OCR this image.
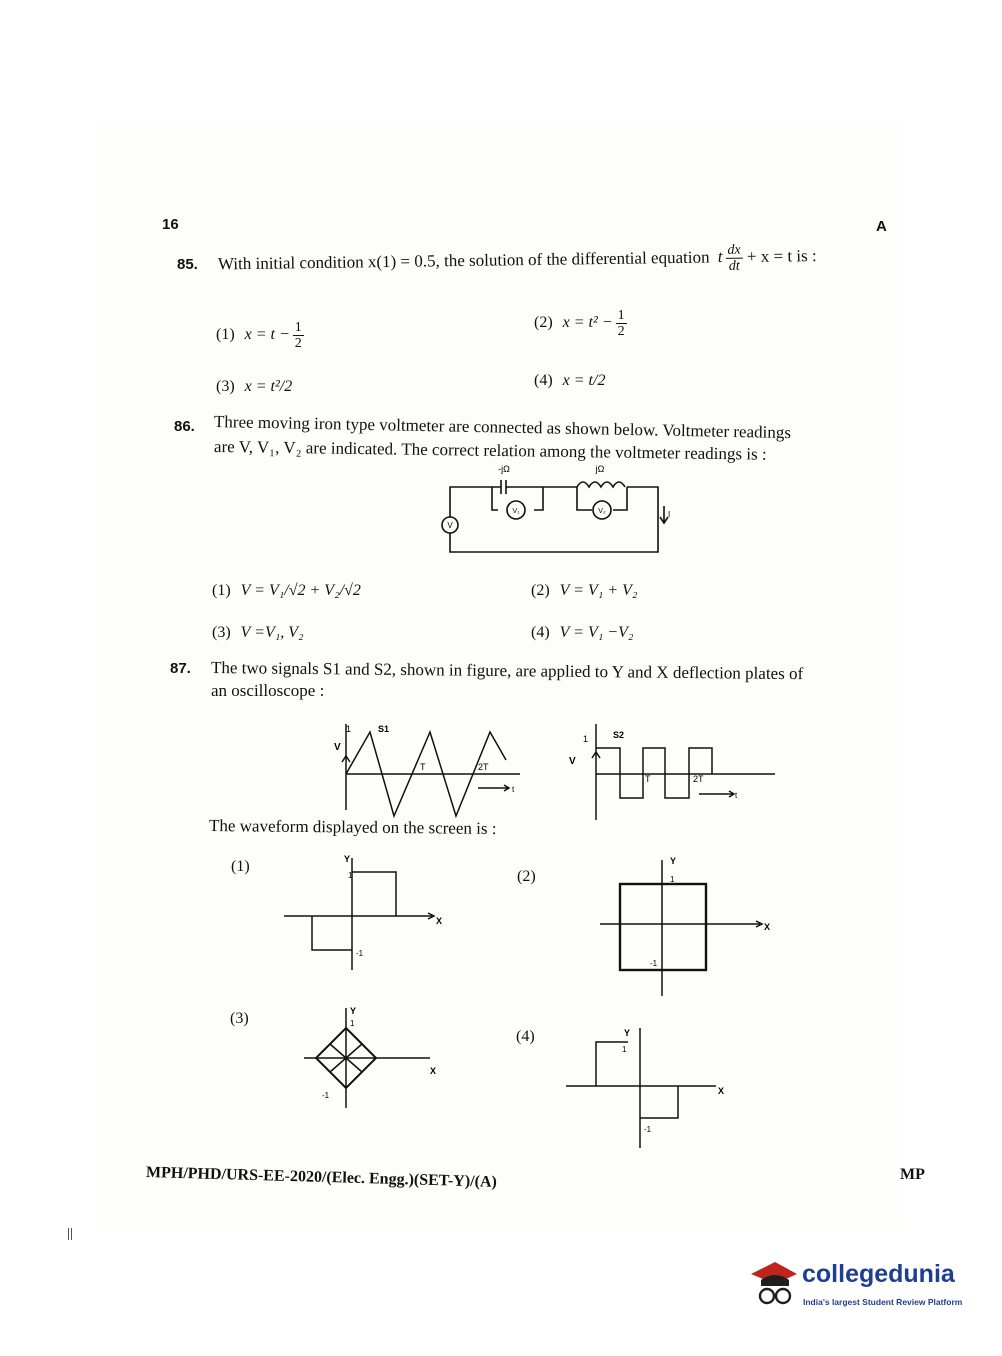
16	A
85. With initial condition x(1) = 0.5, the solution of the differential equation t $\frac{dx}{dt} + x = t$ is :
(1) $x = t - \frac{1}{2}$	(2) $x = t^2 - \frac{1}{2}$
(3) x = t²/2	(4) x = t/2
86. Three moving iron type voltmeter are connected as shown below. Voltmeter readings
are V, V₁, V₂ are indicated. The correct relation among the voltmeter readings is :
V
V₁	V₂
-jΩ	jΩ
I
(1) V = V₁/√2 + V₂/√2	(2) V = V₁ + V₂
(3) V =V₁, V₂	(4) V = V₁ −V₂
87. The two signals S1 and S2, shown in figure, are applied to Y and X deflection plates of
an oscilloscope :
1
V
S1
T	2T
t
1
V
S2
T	2T
t
The waveform displayed on the screen is :
(1)	Y
1
X
-1
(2)
Y
1
X
-1
(3)	Y
1
X
-1
(4)	Y
1
X
-1
MPH/PHD/URS-EE-2020/(Elec. Engg.)(SET-Y)/(A)	MP
collegedunia
India's largest Student Review Platform
